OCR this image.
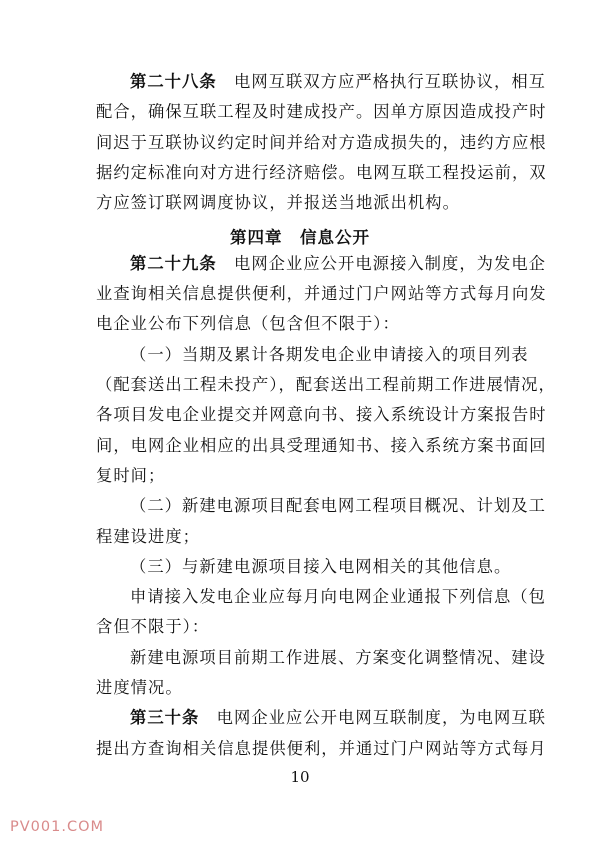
第二十八条　 电网互联双方应严格执行互联协议，相互
配合，确保互联工程及时建成投产。因单方原因造成投产时
间迟于互联协议约定时间并给对方造成损失的，违约方应根
据约定标准向对方进行经济赔偿。电网互联工程投运前，双
方应签订联网调度协议，并报送当地派出机构。
第四章　信息公开
第二十九条　 电网企业应公开电源接入制度，为发电企
业查询相关信息提供便利，并通过门户网站等方式每月向发
电企业公布下列信息（包含但不限于）：
（一）当期及累计各期发电企业申请接入的项目列表
（配套送出工程未投产），配套送出工程前期工作进展情况，
各项目发电企业提交并网意向书、接入系统设计方案报告时
间，电网企业相应的出具受理通知书、接入系统方案书面回
复时间；
（二）新建电源项目配套电网工程项目概况、计划及工
程建设进度；
（三）与新建电源项目接入电网相关的其他信息。
申请接入发电企业应每月向电网企业通报下列信息（包
含但不限于）：
新建电源项目前期工作进展、方案变化调整情况、建设
进度情况。
第三十条　 电网企业应公开电网互联制度，为电网互联
提出方查询相关信息提供便利，并通过门户网站等方式每月
10
PV001.COM
